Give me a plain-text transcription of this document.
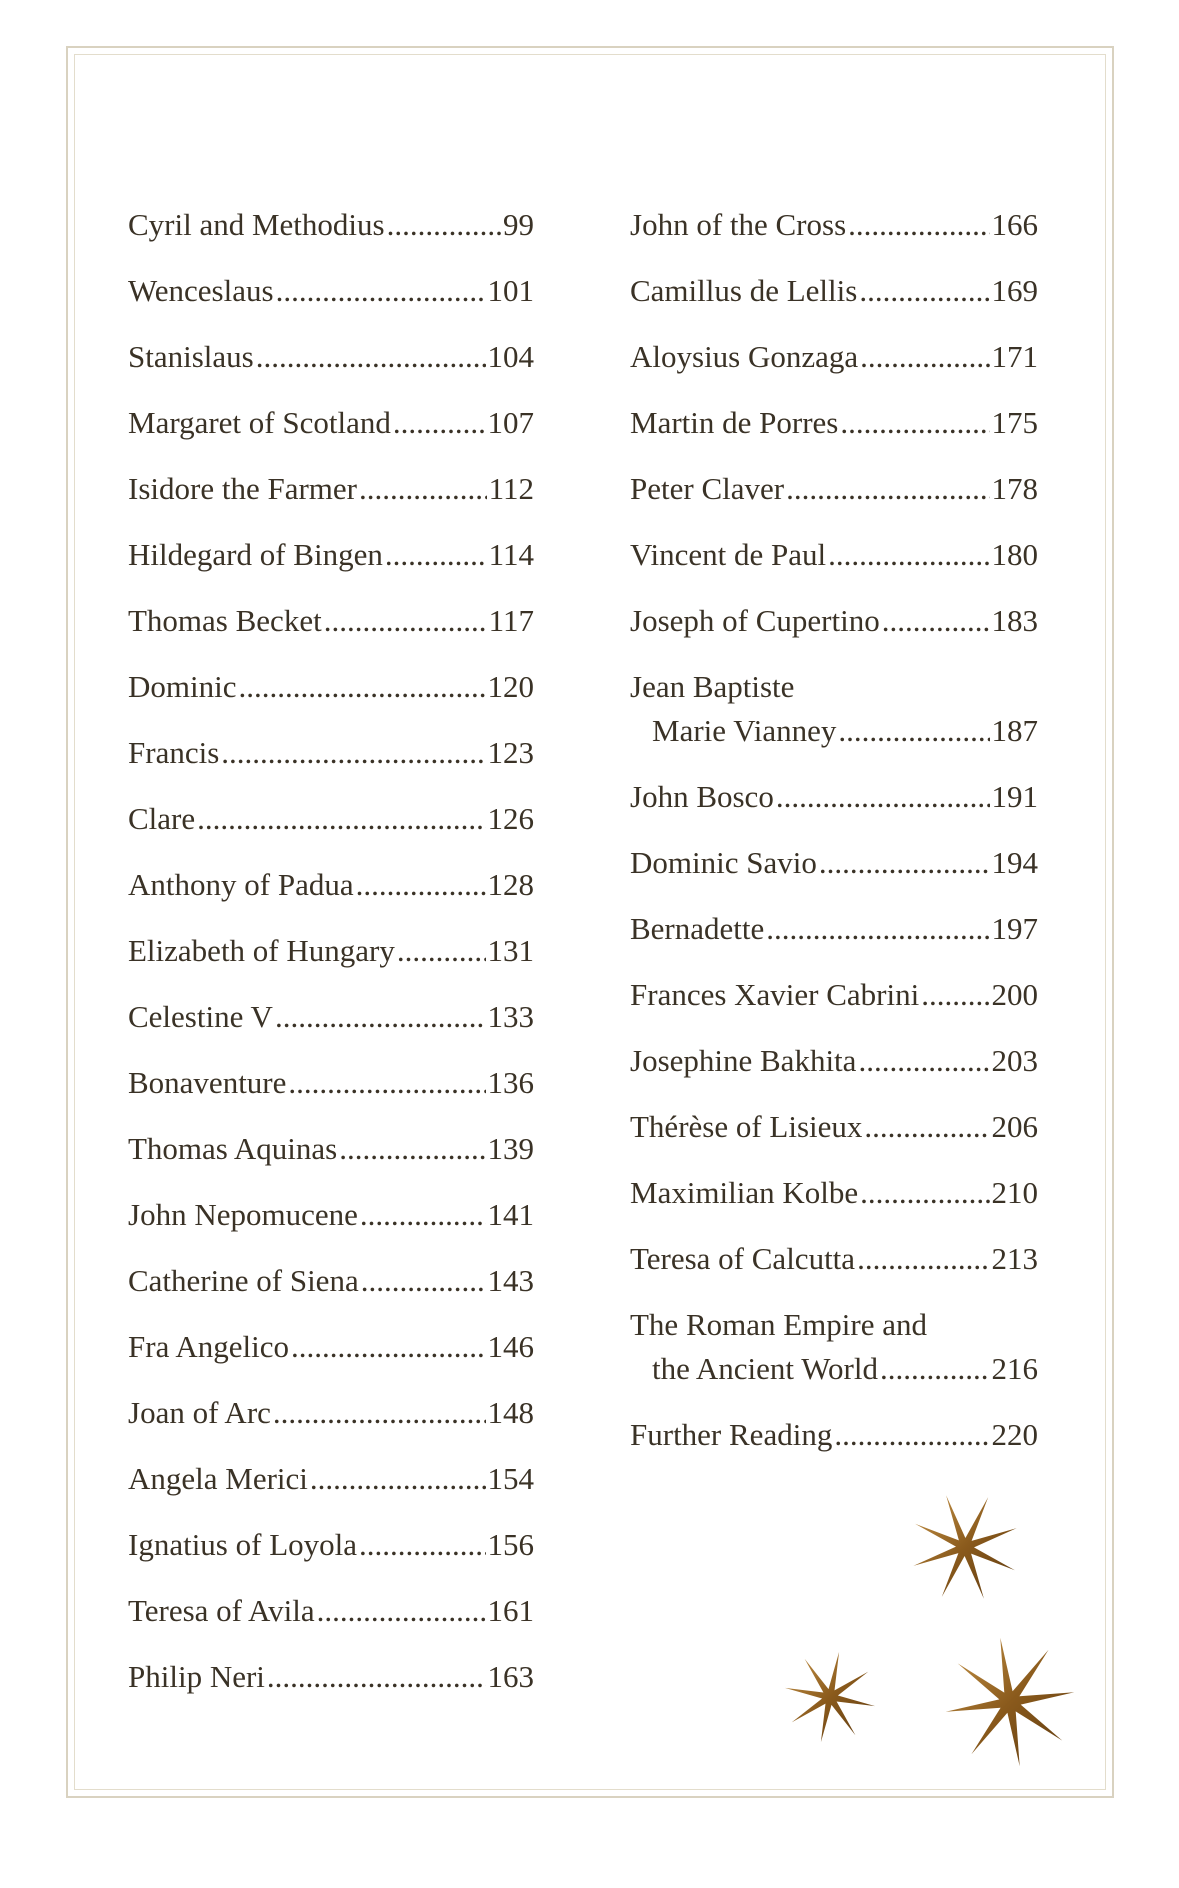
Cyril and Methodius .....	99
Wenceslaus .....	101
Stanislaus .....	104
Margaret of Scotland .....	107
Isidore the Farmer .....	112
Hildegard of Bingen .....	114
Thomas Becket .....	117
Dominic .....	120
Francis .....	123
Clare .....	126
Anthony of Padua .....	128
Elizabeth of Hungary .....	131
Celestine V .....	133
Bonaventure .....	136
Thomas Aquinas .....	139
John Nepomucene .....	141
Catherine of Siena .....	143
Fra Angelico .....	146
Joan of Arc .....	148
Angela Merici .....	154
Ignatius of Loyola .....	156
Teresa of Avila .....	161
Philip Neri .....	163
John of the Cross .....	166
Camillus de Lellis .....	169
Aloysius Gonzaga .....	171
Martin de Porres .....	175
Peter Claver .....	178
Vincent de Paul .....	180
Joseph of Cupertino .....	183
Jean Baptiste
Marie Vianney .....	187
John Bosco .....	191
Dominic Savio .....	194
Bernadette .....	197
Frances Xavier Cabrini ..... 200
Josephine Bakhita .....	203
Thérèse of Lisieux .....	206
Maximilian Kolbe .....	210
Teresa of Calcutta .....	213
The Roman Empire and
the Ancient World .....	216
Further Reading .....	220
